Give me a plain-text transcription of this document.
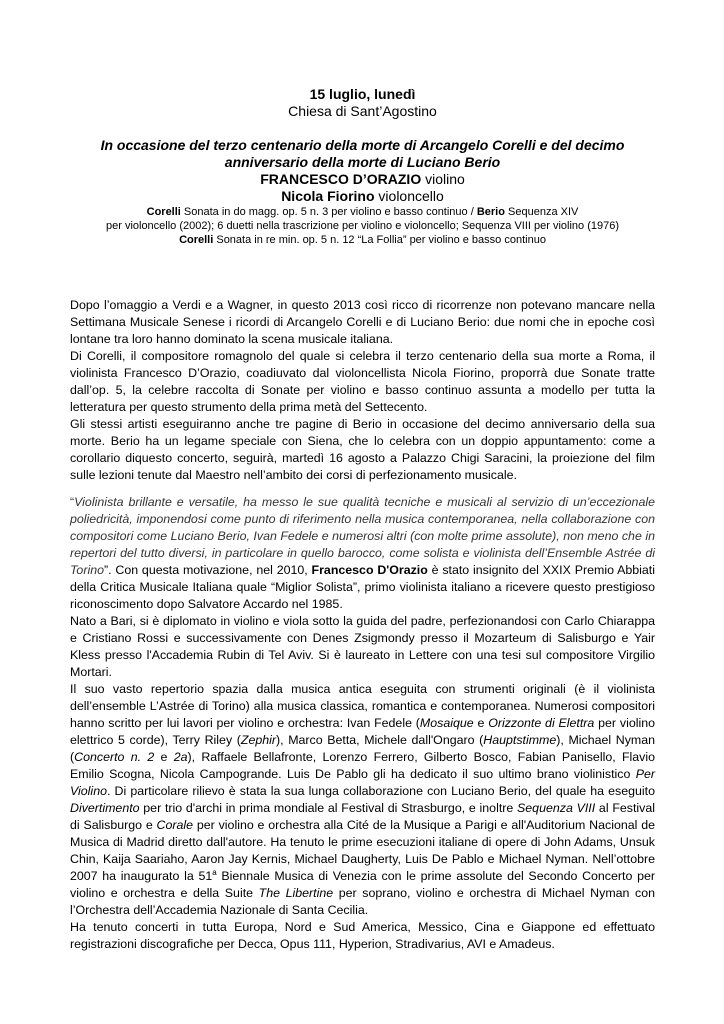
15 luglio, lunedì
Chiesa di Sant’Agostino
In occasione del terzo centenario della morte di Arcangelo Corelli e del decimo anniversario della morte di Luciano Berio
FRANCESCO D’ORAZIO violino
Nicola Fiorino violoncello
Corelli Sonata in do magg. op. 5 n. 3 per violino e basso continuo / Berio Sequenza XIV
per violoncello (2002); 6 duetti nella trascrizione per violino e violoncello; Sequenza VIII per violino (1976)
Corelli Sonata in re min. op. 5 n. 12 “La Follia” per violino e basso continuo

Dopo l’omaggio a Verdi e a Wagner, in questo 2013 così ricco di ricorrenze non potevano mancare nella Settimana Musicale Senese i ricordi di Arcangelo Corelli e di Luciano Berio: due nomi che in epoche così lontane tra loro hanno dominato la scena musicale italiana.

Di Corelli, il compositore romagnolo del quale si celebra il terzo centenario della sua morte a Roma, il violinista Francesco D’Orazio, coadiuvato dal violoncellista Nicola Fiorino, proporrà due Sonate tratte dall’op. 5, la celebre raccolta di Sonate per violino e basso continuo assunta a modello per tutta la letteratura per questo strumento della prima metà del Settecento.

Gli stessi artisti eseguiranno anche tre pagine di Berio in occasione del decimo anniversario della sua morte. Berio ha un legame speciale con Siena, che lo celebra con un doppio appuntamento: come a corollario diquesto concerto, seguirà, martedì 16 agosto a Palazzo Chigi Saracini, la proiezione del film sulle lezioni tenute dal Maestro nell’ambito dei corsi di perfezionamento musicale.

“Violinista brillante e versatile, ha messo le sue qualità tecniche e musicali al servizio di un’eccezionale poliedricità, imponendosi come punto di riferimento nella musica contemporanea, nella collaborazione con compositori come Luciano Berio, Ivan Fedele e numerosi altri (con molte prime assolute), non meno che in repertori del tutto diversi, in particolare in quello barocco, come solista e violinista dell’Ensemble Astrée di Torino”. Con questa motivazione, nel 2010, Francesco D'Orazio è stato insignito del XXIX Premio Abbiati della Critica Musicale Italiana quale “Miglior Solista”, primo violinista italiano a ricevere questo prestigioso riconoscimento dopo Salvatore Accardo nel 1985.

Nato a Bari, si è diplomato in violino e viola sotto la guida del padre, perfezionandosi con Carlo Chiarappa e Cristiano Rossi e successivamente con Denes Zsigmondy presso il Mozarteum di Salisburgo e Yair Kless presso l'Accademia Rubin di Tel Aviv. Si è laureato in Lettere con una tesi sul compositore Virgilio Mortari.

Il suo vasto repertorio spazia dalla musica antica eseguita con strumenti originali (è il violinista dell’ensemble L’Astrée di Torino) alla musica classica, romantica e contemporanea. Numerosi compositori hanno scritto per lui lavori per violino e orchestra: Ivan Fedele (Mosaique e Orizzonte di Elettra per violino elettrico 5 corde), Terry Riley (Zephir), Marco Betta, Michele dall'Ongaro (Hauptstimme), Michael Nyman (Concerto n. 2 e 2a), Raffaele Bellafronte, Lorenzo Ferrero, Gilberto Bosco, Fabian Panisello, Flavio Emilio Scogna, Nicola Campogrande. Luis De Pablo gli ha dedicato il suo ultimo brano violinistico Per Violino. Di particolare rilievo è stata la sua lunga collaborazione con Luciano Berio, del quale ha eseguito Divertimento per trio d'archi in prima mondiale al Festival di Strasburgo, e inoltre Sequenza VIII al Festival di Salisburgo e Corale per violino e orchestra alla Cité de la Musique a Parigi e all'Auditorium Nacional de Musica di Madrid diretto dall'autore. Ha tenuto le prime esecuzioni italiane di opere di John Adams, Unsuk Chin, Kaija Saariaho, Aaron Jay Kernis, Michael Daugherty, Luis De Pablo e Michael Nyman. Nell’ottobre 2007 ha inaugurato la 51$^a$ Biennale Musica di Venezia con le prime assolute del Secondo Concerto per violino e orchestra e della Suite The Libertine per soprano, violino e orchestra di Michael Nyman con l’Orchestra dell’Accademia Nazionale di Santa Cecilia.

Ha tenuto concerti in tutta Europa, Nord e Sud America, Messico, Cina e Giappone ed effettuato registrazioni discografiche per Decca, Opus 111, Hyperion, Stradivarius, AVI e Amadeus.
